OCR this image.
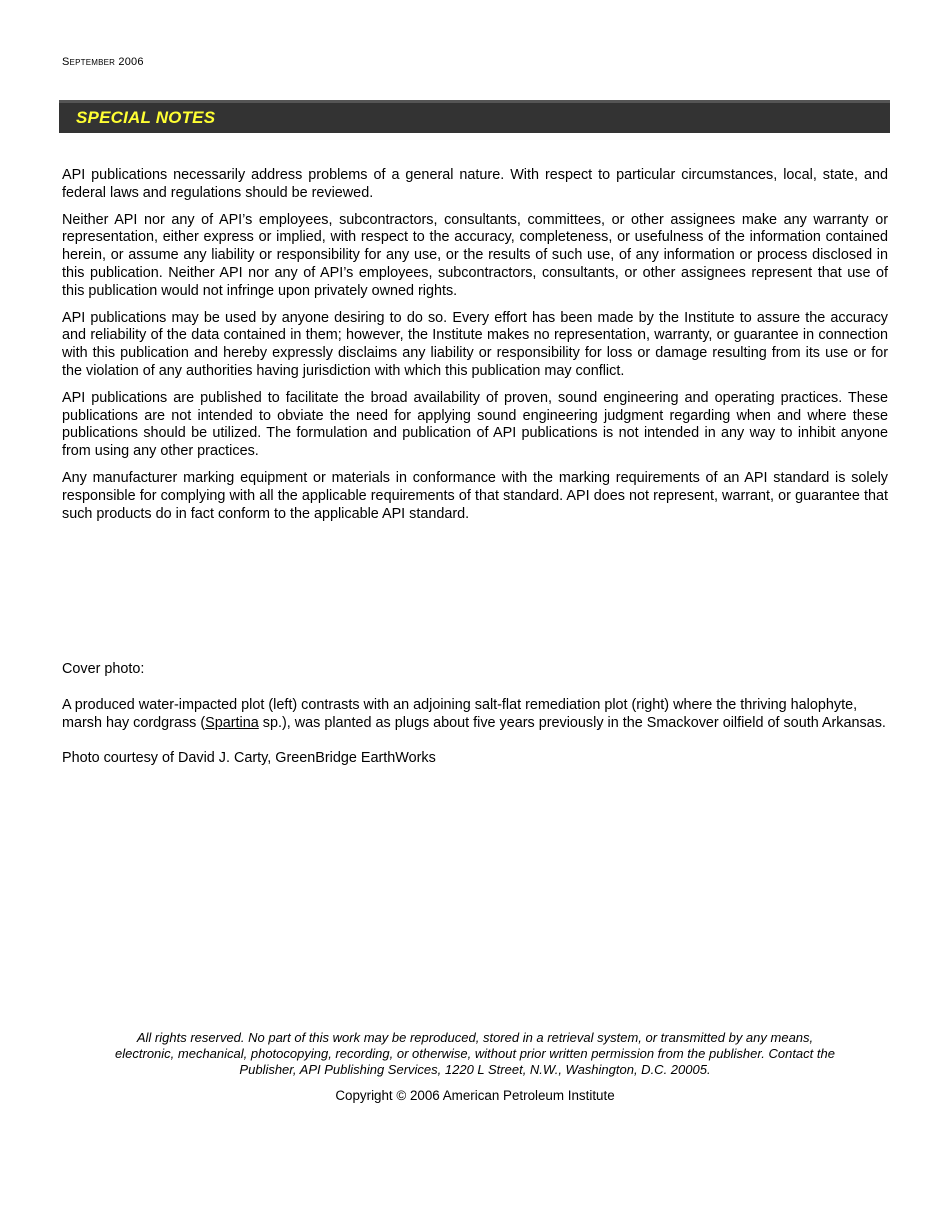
September 2006
SPECIAL NOTES

API publications necessarily address problems of a general nature. With respect to particular circumstances, local, state, and federal laws and regulations should be reviewed.

Neither API nor any of API’s employees, subcontractors, consultants, committees, or other assignees make any warranty or representation, either express or implied, with respect to the accuracy, completeness, or usefulness of the information contained herein, or assume any liability or responsibility for any use, or the results of such use, of any information or process disclosed in this publication. Neither API nor any of API’s employees, subcontractors, consultants, or other assignees represent that use of this publication would not infringe upon privately owned rights.

API publications may be used by anyone desiring to do so. Every effort has been made by the Institute to assure the accuracy and reliability of the data contained in them; however, the Institute makes no representation, warranty, or guarantee in connection with this publication and hereby expressly disclaims any liability or responsibility for loss or damage resulting from its use or for the violation of any authorities having jurisdiction with which this publication may conflict.

API publications are published to facilitate the broad availability of proven, sound engineering and operating practices. These publications are not intended to obviate the need for applying sound engineering judgment regarding when and where these publications should be utilized. The formulation and publication of API publications is not intended in any way to inhibit anyone from using any other practices.

Any manufacturer marking equipment or materials in conformance with the marking requirements of an API standard is solely responsible for complying with all the applicable requirements of that standard. API does not represent, warrant, or guarantee that such products do in fact conform to the applicable API standard.

Cover photo:

A produced water-impacted plot (left) contrasts with an adjoining salt-flat remediation plot (right) where the thriving halophyte, marsh hay cordgrass (Spartina sp.), was planted as plugs about five years previously in the Smackover oilfield of south Arkansas.

Photo courtesy of David J. Carty, GreenBridge EarthWorks

All rights reserved. No part of this work may be reproduced, stored in a retrieval system, or transmitted by any means, electronic, mechanical, photocopying, recording, or otherwise, without prior written permission from the publisher. Contact the Publisher, API Publishing Services, 1220 L Street, N.W., Washington, D.C. 20005.
Copyright © 2006 American Petroleum Institute
